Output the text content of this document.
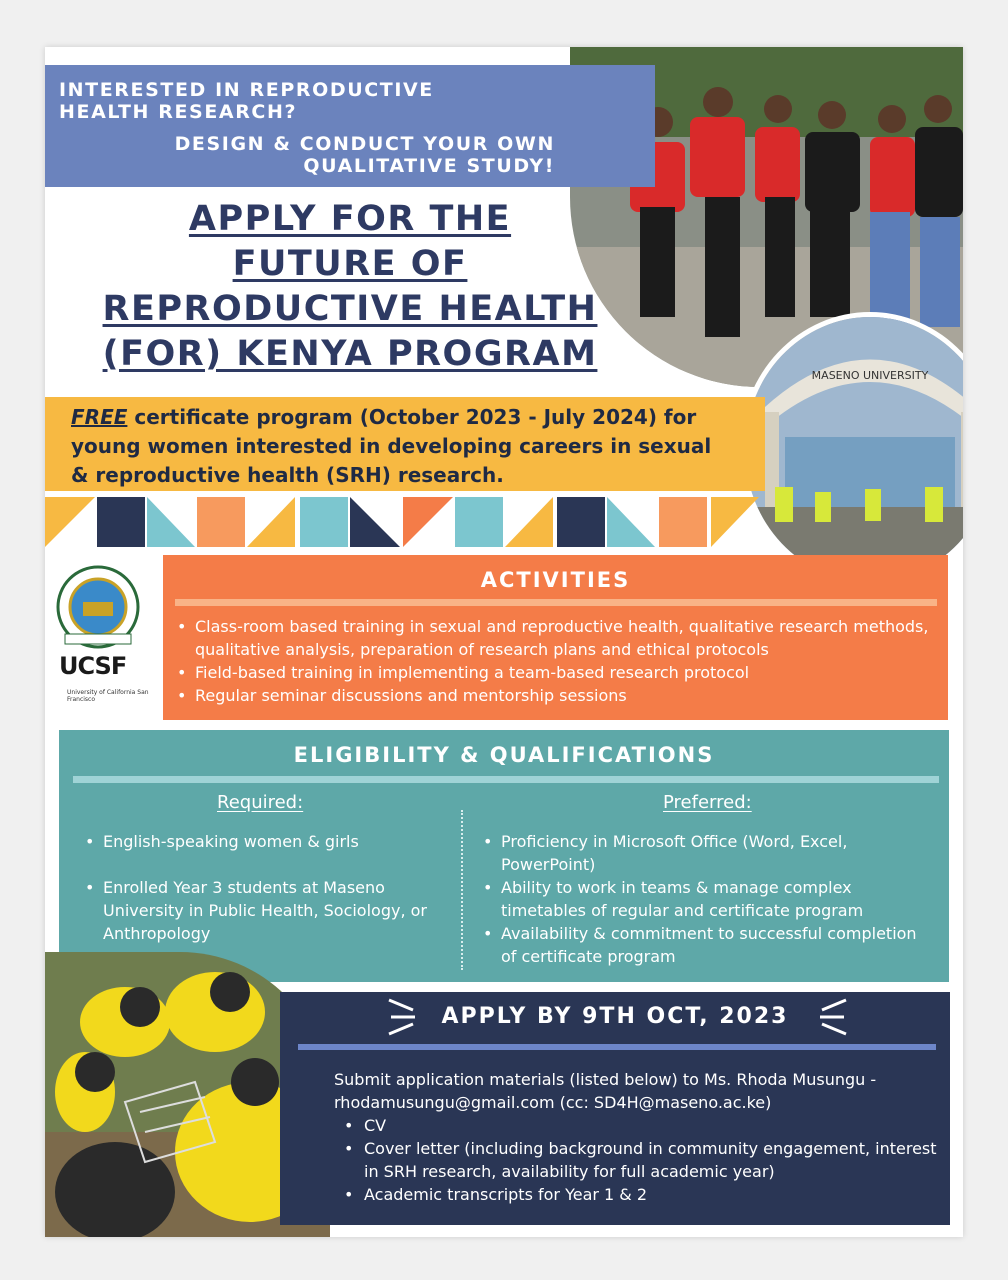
MASENO UNIVERSITY
INTERESTED IN REPRODUCTIVE HEALTH RESEARCH?
DESIGN & CONDUCT YOUR OWN QUALITATIVE STUDY!
APPLY FOR THE
FUTURE OF
REPRODUCTIVE HEALTH
(FOR) KENYA PROGRAM
FREE certificate program (October 2023 - July 2024) for young women interested in developing careers in sexual & reproductive health (SRH) research.
UCSF
University of California San Francisco
ACTIVITIES
• Class-room based training in sexual and reproductive health, qualitative research methods, qualitative analysis, preparation of research plans and ethical protocols
• Field-based training in implementing a team-based research protocol
• Regular seminar discussions and mentorship sessions
ELIGIBILITY & QUALIFICATIONS
Required:
• English-speaking women & girls
• Enrolled Year 3 students at Maseno University in Public Health, Sociology, or Anthropology
Preferred:
• Proficiency in Microsoft Office (Word, Excel, PowerPoint)
• Ability to work in teams & manage complex timetables of regular and certificate program
• Availability & commitment to successful completion of certificate program
APPLY BY 9TH OCT, 2023
Submit application materials (listed below) to Ms. Rhoda Musungu - rhodamusungu@gmail.com (cc: SD4H@maseno.ac.ke)
• CV
• Cover letter (including background in community engagement, interest in SRH research, availability for full academic year)
• Academic transcripts for Year 1 & 2
